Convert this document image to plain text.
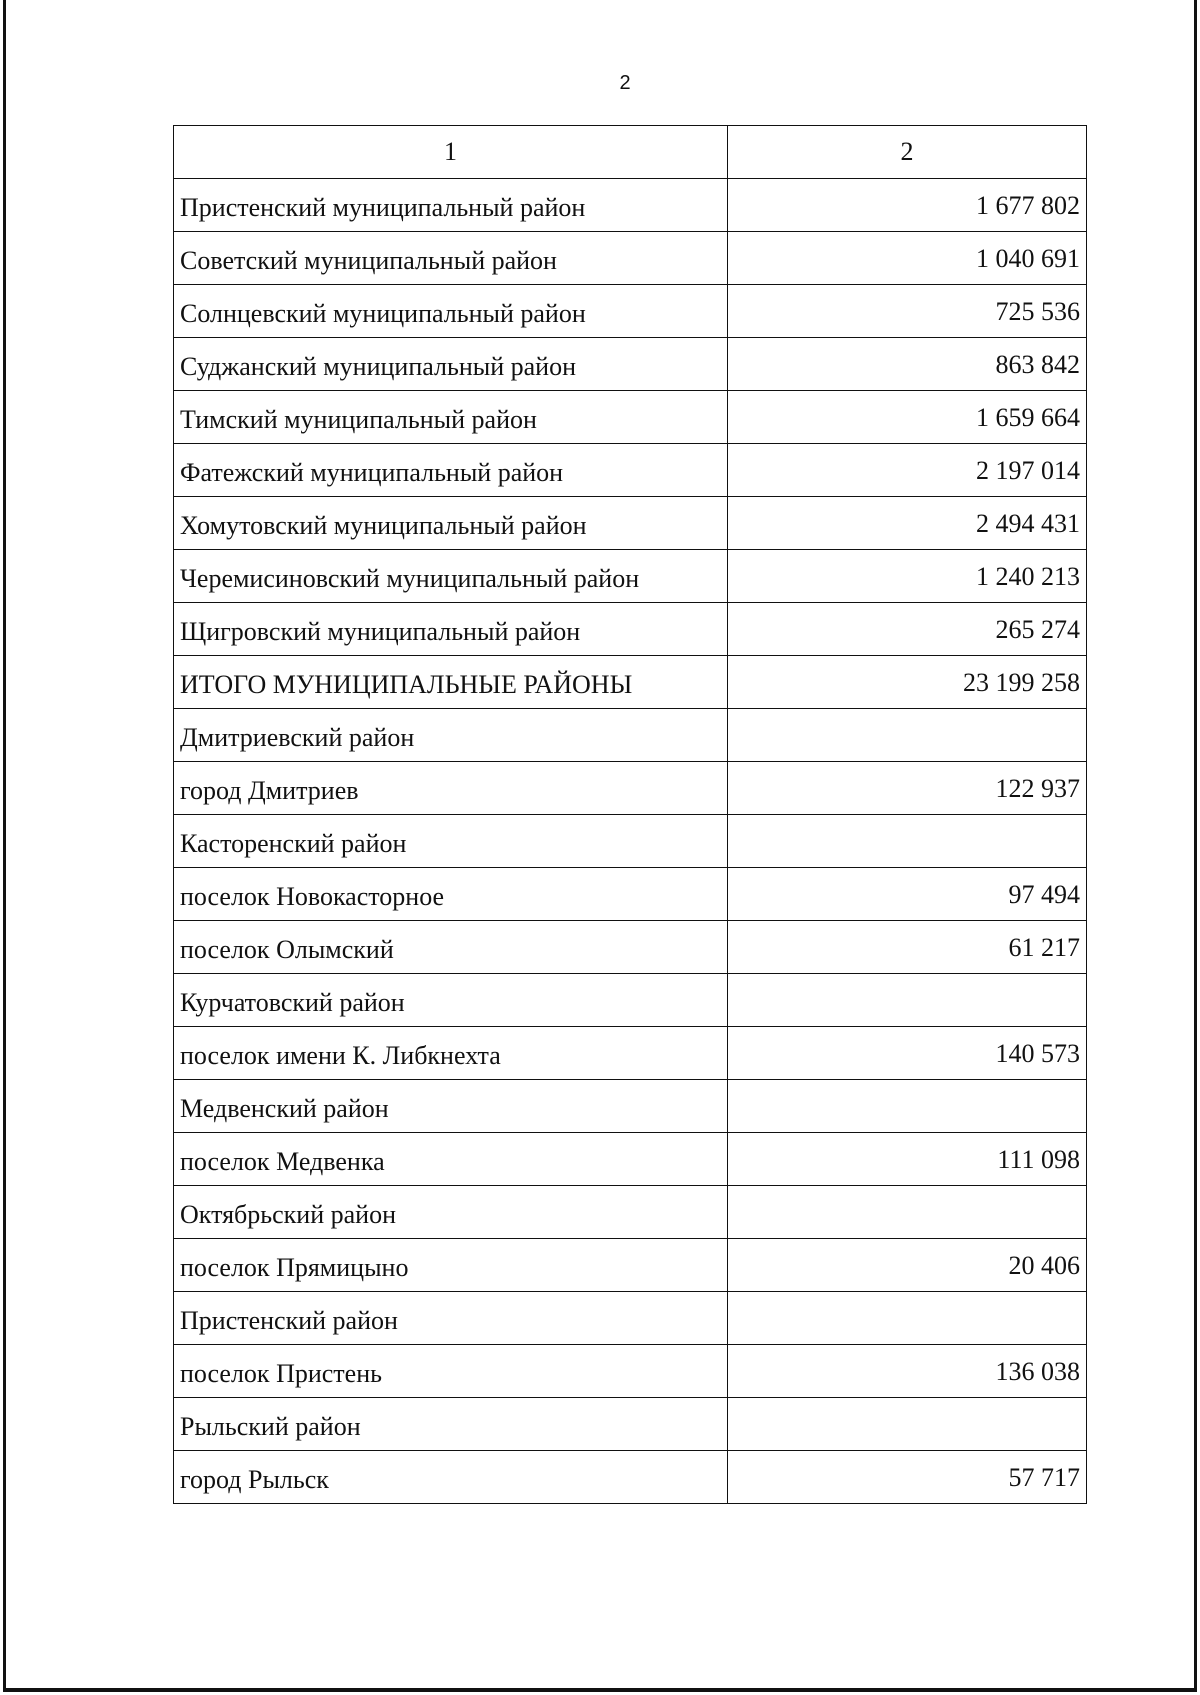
2
1	2
Пристенский муниципальный район	1 677 802
Советский муниципальный район	1 040 691
Солнцевский муниципальный район	725 536
Суджанский муниципальный район	863 842
Тимский муниципальный район	1 659 664
Фатежский муниципальный район	2 197 014
Хомутовский муниципальный район	2 494 431
Черемисиновский муниципальный район	1 240 213
Щигровский муниципальный район	265 274
ИТОГО МУНИЦИПАЛЬНЫЕ РАЙОНЫ	23 199 258
Дмитриевский район	
город Дмитриев	122 937
Касторенский район	
поселок Новокасторное	97 494
поселок Олымский	61 217
Курчатовский район	
поселок имени К. Либкнехта	140 573
Медвенский район	
поселок Медвенка	111 098
Октябрьский район	
поселок Прямицыно	20 406
Пристенский район	
поселок Пристень	136 038
Рыльский район	
город Рыльск	57 717
